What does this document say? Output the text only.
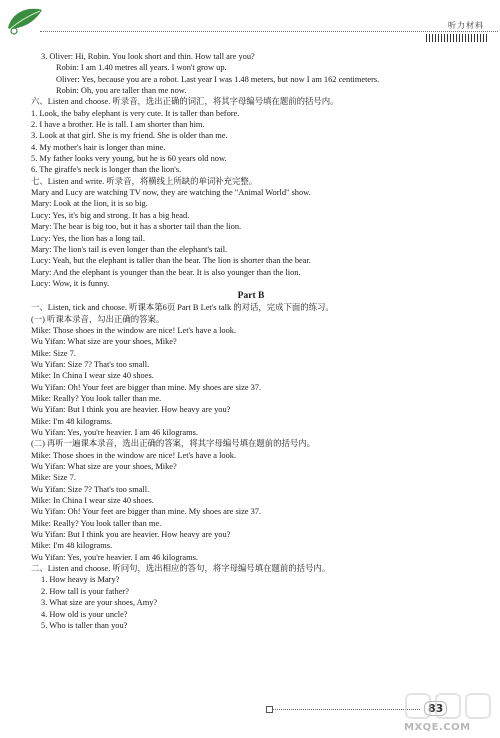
听力材料
3. Oliver: Hi, Robin. You look short and thin. How tall are you?
Robin: I am 1.40 metres all years. I won't grow up.
Oliver: Yes, because you are a robot. Last year I was 1.48 meters, but now I am 162 centimeters.
Robin: Oh, you are taller than me now.
六、Listen and choose. 听录音，选出正确的词汇，将其字母编号填在题前的括号内。
1. Look, the baby elephant is very cute. It is taller than before.
2. I have a brother. He is tall. I am shorter than him.
3. Look at that girl. She is my friend. She is older than me.
4. My mother's hair is longer than mine.
5. My father looks very young, but he is 60 years old now.
6. The giraffe's neck is longer than the lion's.
七、Listen and write. 听录音，将横线上所缺的单词补充完整。
Mary and Lucy are watching TV now, they are watching the "Animal World" show.
Mary: Look at the lion, it is so big.
Lucy: Yes, it's big and strong. It has a big head.
Mary: The bear is big too, but it has a shorter tail than the lion.
Lucy: Yes, the lion has a long tail.
Mary: The lion's tail is even longer than the elephant's tail.
Lucy: Yeah, but the elephant is taller than the bear. The lion is shorter than the bear.
Mary: And the elephant is younger than the bear. It is also younger than the lion.
Lucy: Wow, it is funny.
Part B
一、Listen, tick and choose. 听课本第6页 Part B Let's talk 的对话，完成下面的练习。
(一) 听课本录音，勾出正确的答案。
Mike: Those shoes in the window are nice! Let's have a look.
Wu Yifan: What size are your shoes, Mike?
Mike: Size 7.
Wu Yifan: Size 7? That's too small.
Mike: In China I wear size 40 shoes.
Wu Yifan: Oh! Your feet are bigger than mine. My shoes are size 37.
Mike: Really? You look taller than me.
Wu Yifan: But I think you are heavier. How heavy are you?
Mike: I'm 48 kilograms.
Wu Yifan: Yes, you're heavier. I am 46 kilograms.
(二) 再听一遍课本录音，选出正确的答案，将其字母编号填在题前的括号内。
Mike: Those shoes in the window are nice! Let's have a look.
Wu Yifan: What size are your shoes, Mike?
Mike: Size 7.
Wu Yifan: Size 7? That's too small.
Mike: In China I wear size 40 shoes.
Wu Yifan: Oh! Your feet are bigger than mine. My shoes are size 37.
Mike: Really? You look taller than me.
Wu Yifan: But I think you are heavier. How heavy are you?
Mike: I'm 48 kilograms.
Wu Yifan: Yes, you're heavier. I am 46 kilograms.
二、Listen and choose. 听问句，选出相应的答句，将字母编号填在题前的括号内。
1. How heavy is Mary?
2. How tall is your father?
3. What size are your shoes, Amy?
4. How old is your uncle?
5. Who is taller than you?
83
MXQE.COM
